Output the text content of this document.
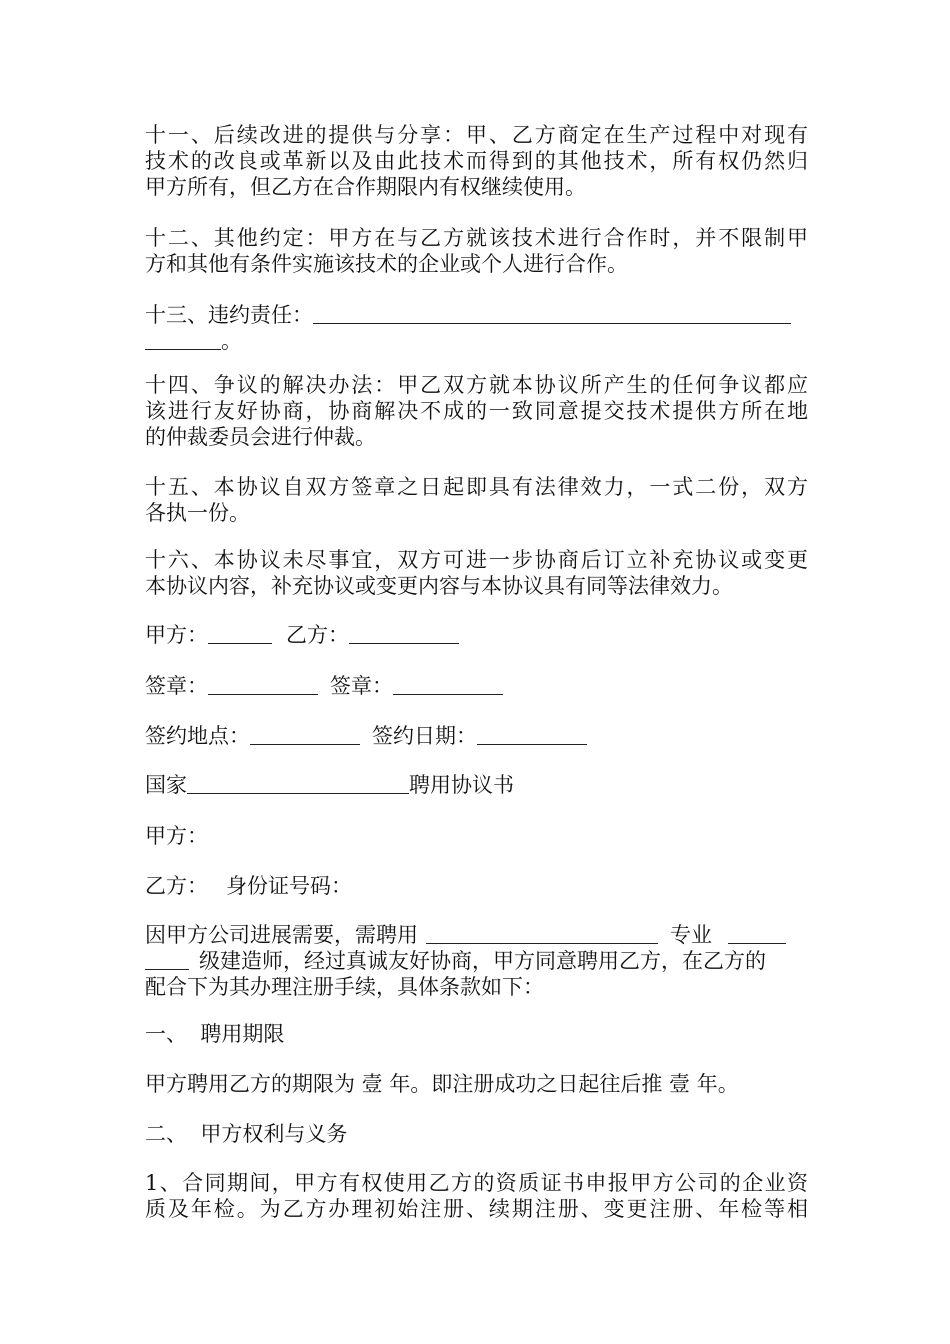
十一、后续改进的提供与分享：甲、乙方商定在生产过程中对现有
技术的改良或革新以及由此技术而得到的其他技术，所有权仍然归
甲方所有，但乙方在合作期限内有权继续使用。
十二、其他约定：甲方在与乙方就该技术进行合作时，并不限制甲
方和其他有条件实施该技术的企业或个人进行合作。
十三、违约责任：
。
十四、争议的解决办法：甲乙双方就本协议所产生的任何争议都应
该进行友好协商，协商解决不成的一致同意提交技术提供方所在地
的仲裁委员会进行仲裁。
十五、本协议自双方签章之日起即具有法律效力，一式二份，双方
各执一份。
十六、本协议未尽事宜，双方可进一步协商后订立补充协议或变更
本协议内容，补充协议或变更内容与本协议具有同等法律效力。
甲方：	乙方：
签章：	签章：
签约地点：	签约日期：
国家	聘用协议书
甲方：
乙方： 身份证号码：
因甲方公司进展需要，需聘用	专业
级建造师，经过真诚友好协商，甲方同意聘用乙方，在乙方的
配合下为其办理注册手续，具体条款如下：
一、  聘用期限
甲方聘用乙方的期限为 壹 年。即注册成功之日起往后推 壹 年。
二、  甲方权利与义务
1、合同期间，甲方有权使用乙方的资质证书申报甲方公司的企业资
质及年检。为乙方办理初始注册、续期注册、变更注册、年检等相
